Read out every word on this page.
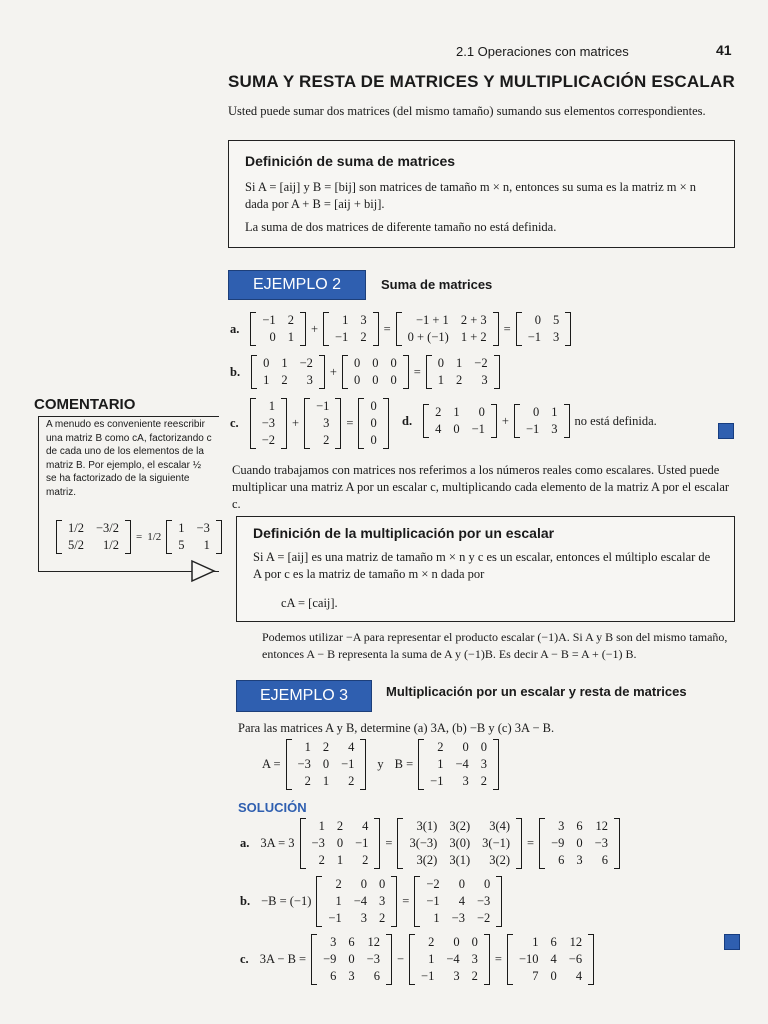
2.1 Operaciones con matrices	41
SUMA Y RESTA DE MATRICES Y MULTIPLICACIÓN ESCALAR
Usted puede sumar dos matrices (del mismo tamaño) sumando sus elementos correspondientes.
Definición de suma de matrices
Si A = [aij] y B = [bij] son matrices de tamaño m × n, entonces su suma es la matriz m × n dada por A + B = [aij + bij].
La suma de dos matrices de diferente tamaño no está definida.
EJEMPLO 2	Suma de matrices
a.
−1	2
0	1
+
1	3
−1	2
=
−1 + 1	2 + 3
0 + (−1)	1 + 2
=
0	5
−1	3
b.
0	1	−2
1	2	3
+
0	0	0
0	0	0
=
0	1	−2
1	2	3
c.
1
−3
−2
+
−1
3
2
=
0
0
0
d.
2	1	0
4	0	−1
+
0	1
−1	3
no está definida.
COMENTARIO
A menudo es conveniente reescribir una matriz B como cA, factorizando c de cada uno de los elementos de la matriz B. Por ejemplo, el escalar ½ se ha factorizado de la siguiente matriz.
1/2	−3/2
5/2	1/2
= 1/2
1	−3
5	1
Cuando trabajamos con matrices nos referimos a los números reales como escalares. Usted puede multiplicar una matriz A por un escalar c, multiplicando cada elemento de la matriz A por el escalar c.
Definición de la multiplicación por un escalar
Si A = [aij] es una matriz de tamaño m × n y c es un escalar, entonces el múltiplo escalar de A por c es la matriz de tamaño m × n dada por
cA = [caij].
Podemos utilizar −A para representar el producto escalar (−1)A. Si A y B son del mismo tamaño, entonces A − B representa la suma de A y (−1)B. Es decir A − B = A + (−1) B.
EJEMPLO 3	Multiplicación por un escalar y resta de matrices
Para las matrices A y B, determine (a) 3A, (b) −B y (c) 3A − B.
A =
1	2	4
−3	0	−1
2	1	2
y B =
2	0	0
1	−4	3
−1	3	2
SOLUCIÓN
a. 3A = 3
1	2	4
−3	0	−1
2	1	2
=
3(1)	3(2)	3(4)
3(−3)	3(0)	3(−1)
3(2)	3(1)	3(2)
=
3	6	12
−9	0	−3
6	3	6
b. −B = (−1)
2	0	0
1	−4	3
−1	3	2
=
−2	0	0
−1	4	−3
1	−3	−2
c. 3A − B =
3	6	12
−9	0	−3
6	3	6
−
2	0	0
1	−4	3
−1	3	2
=
1	6	12
−10	4	−6
7	0	4
